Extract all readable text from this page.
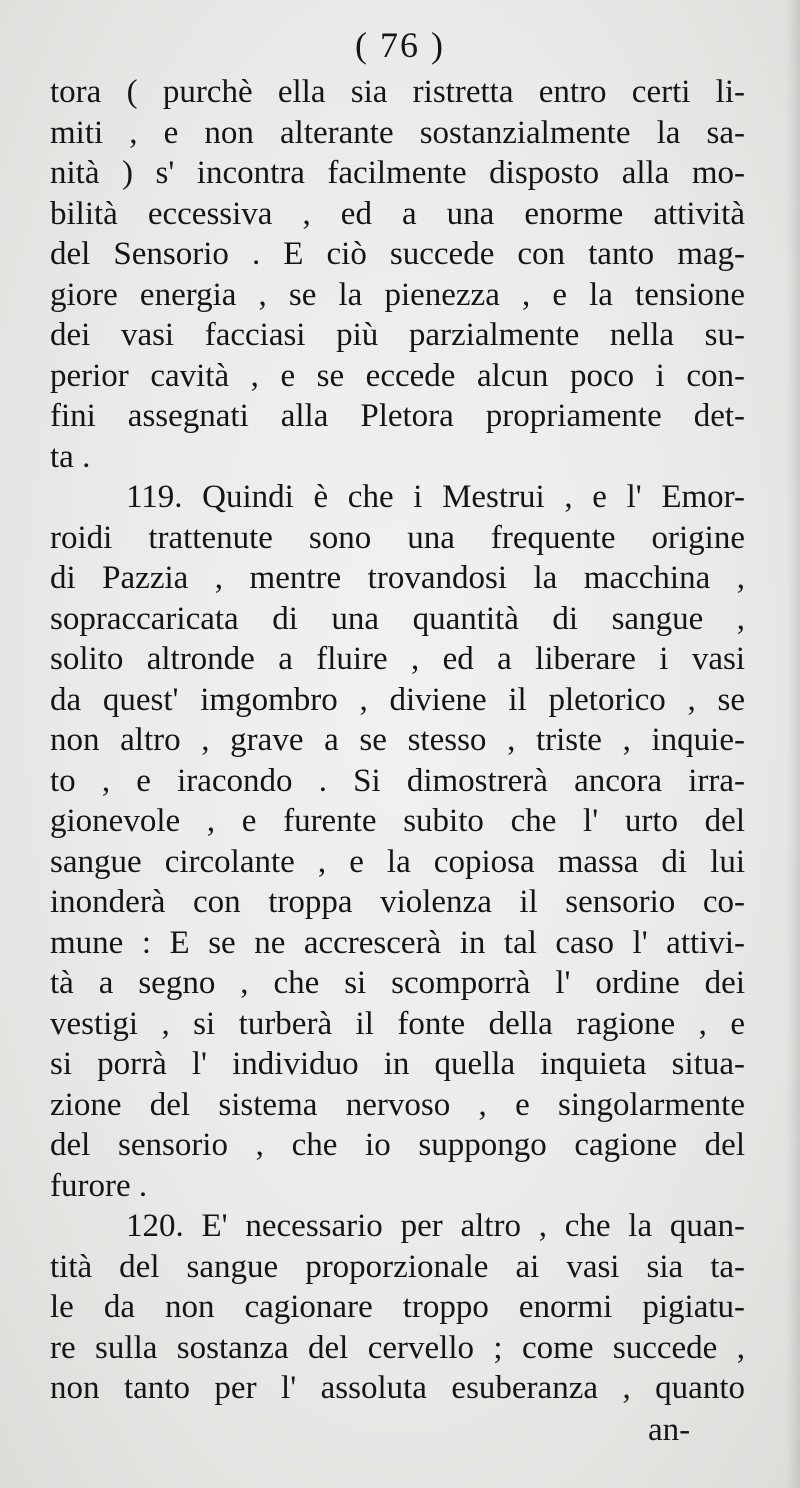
( 76 )
tora ( purchè ella sia ristretta entro certi li-
miti , e non alterante sostanzialmente la sa-
nità ) s' incontra facilmente disposto alla mo-
bilità eccessiva , ed a una enorme attività
del Sensorio . E ciò succede con tanto mag-
giore energia , se la pienezza , e la tensione
dei vasi facciasi più parzialmente nella su-
perior cavità , e se eccede alcun poco i con-
fini assegnati alla Pletora propriamente det-
ta .
119. Quindi è che i Mestrui , e l' Emor-
roidi trattenute sono una frequente origine
di Pazzia , mentre trovandosi la macchina ,
sopraccaricata di una quantità di sangue ,
solito altronde a fluire , ed a liberare i vasi
da quest' imgombro , diviene il pletorico , se
non altro , grave a se stesso , triste , inquie-
to , e iracondo . Si dimostrerà ancora irra-
gionevole , e furente subito che l' urto del
sangue circolante , e la copiosa massa di lui
inonderà con troppa violenza il sensorio co-
mune : E se ne accrescerà in tal caso l' attivi-
tà a segno , che si scomporrà l' ordine dei
vestigi , si turberà il fonte della ragione , e
si porrà l' individuo in quella inquieta situa-
zione del sistema nervoso , e singolarmente
del sensorio , che io suppongo cagione del
furore .
120. E' necessario per altro , che la quan-
tità del sangue proporzionale ai vasi sia ta-
le da non cagionare troppo enormi pigiatu-
re sulla sostanza del cervello ; come succede ,
non tanto per l' assoluta esuberanza , quanto
an-
